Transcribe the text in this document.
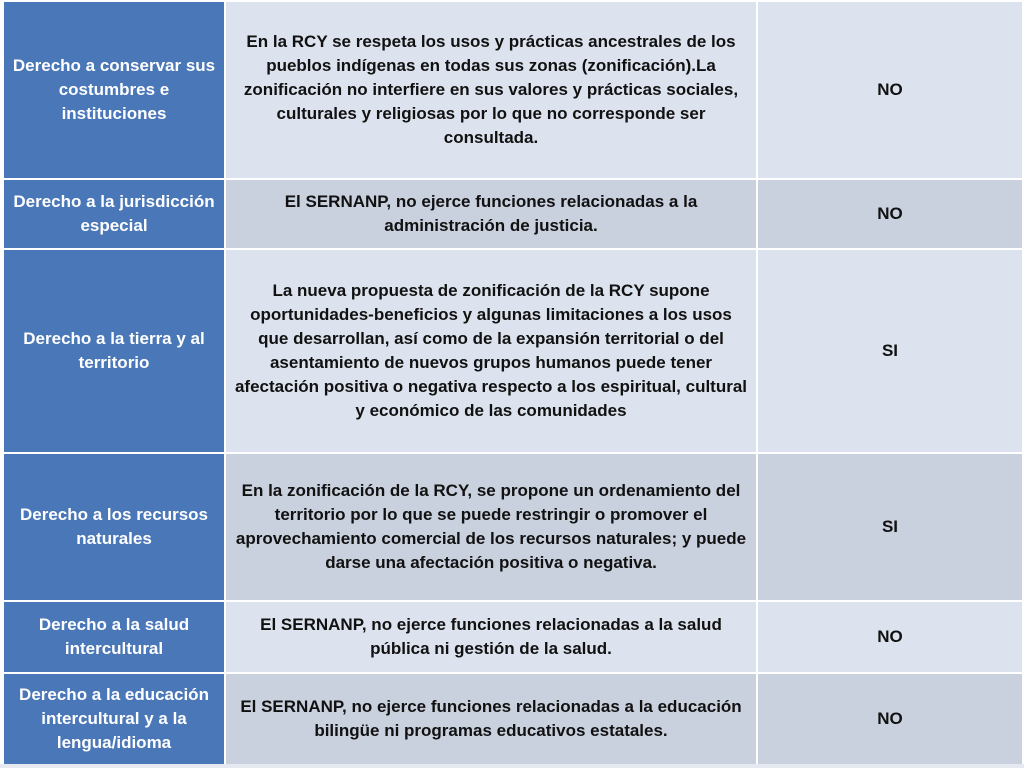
Derecho a conservar sus costumbres e instituciones	En la RCY se respeta los usos y prácticas ancestrales de los pueblos indígenas en todas sus zonas (zonificación).La zonificación no interfiere en sus valores y prácticas sociales, culturales y religiosas por lo que no corresponde ser consultada.	NO
Derecho a la jurisdicción especial	El SERNANP, no ejerce funciones relacionadas a la administración de justicia.	NO
Derecho a la tierra y al territorio	La nueva propuesta de zonificación de la RCY supone oportunidades-beneficios y algunas limitaciones a los usos que desarrollan, así como de la expansión territorial o del asentamiento de nuevos grupos humanos puede tener afectación positiva o negativa respecto a los espiritual, cultural y económico de las comunidades	SI
Derecho a los recursos naturales	En la zonificación de la RCY, se propone un ordenamiento del territorio por lo que se puede restringir o promover el aprovechamiento comercial de los recursos naturales; y puede darse una afectación positiva o negativa.	SI
Derecho a la salud intercultural	El SERNANP, no ejerce funciones relacionadas a la salud pública ni gestión de la salud.	NO
Derecho a la educación intercultural y a la lengua/idioma	El SERNANP, no ejerce funciones relacionadas a la educación bilingüe ni programas educativos estatales.	NO
